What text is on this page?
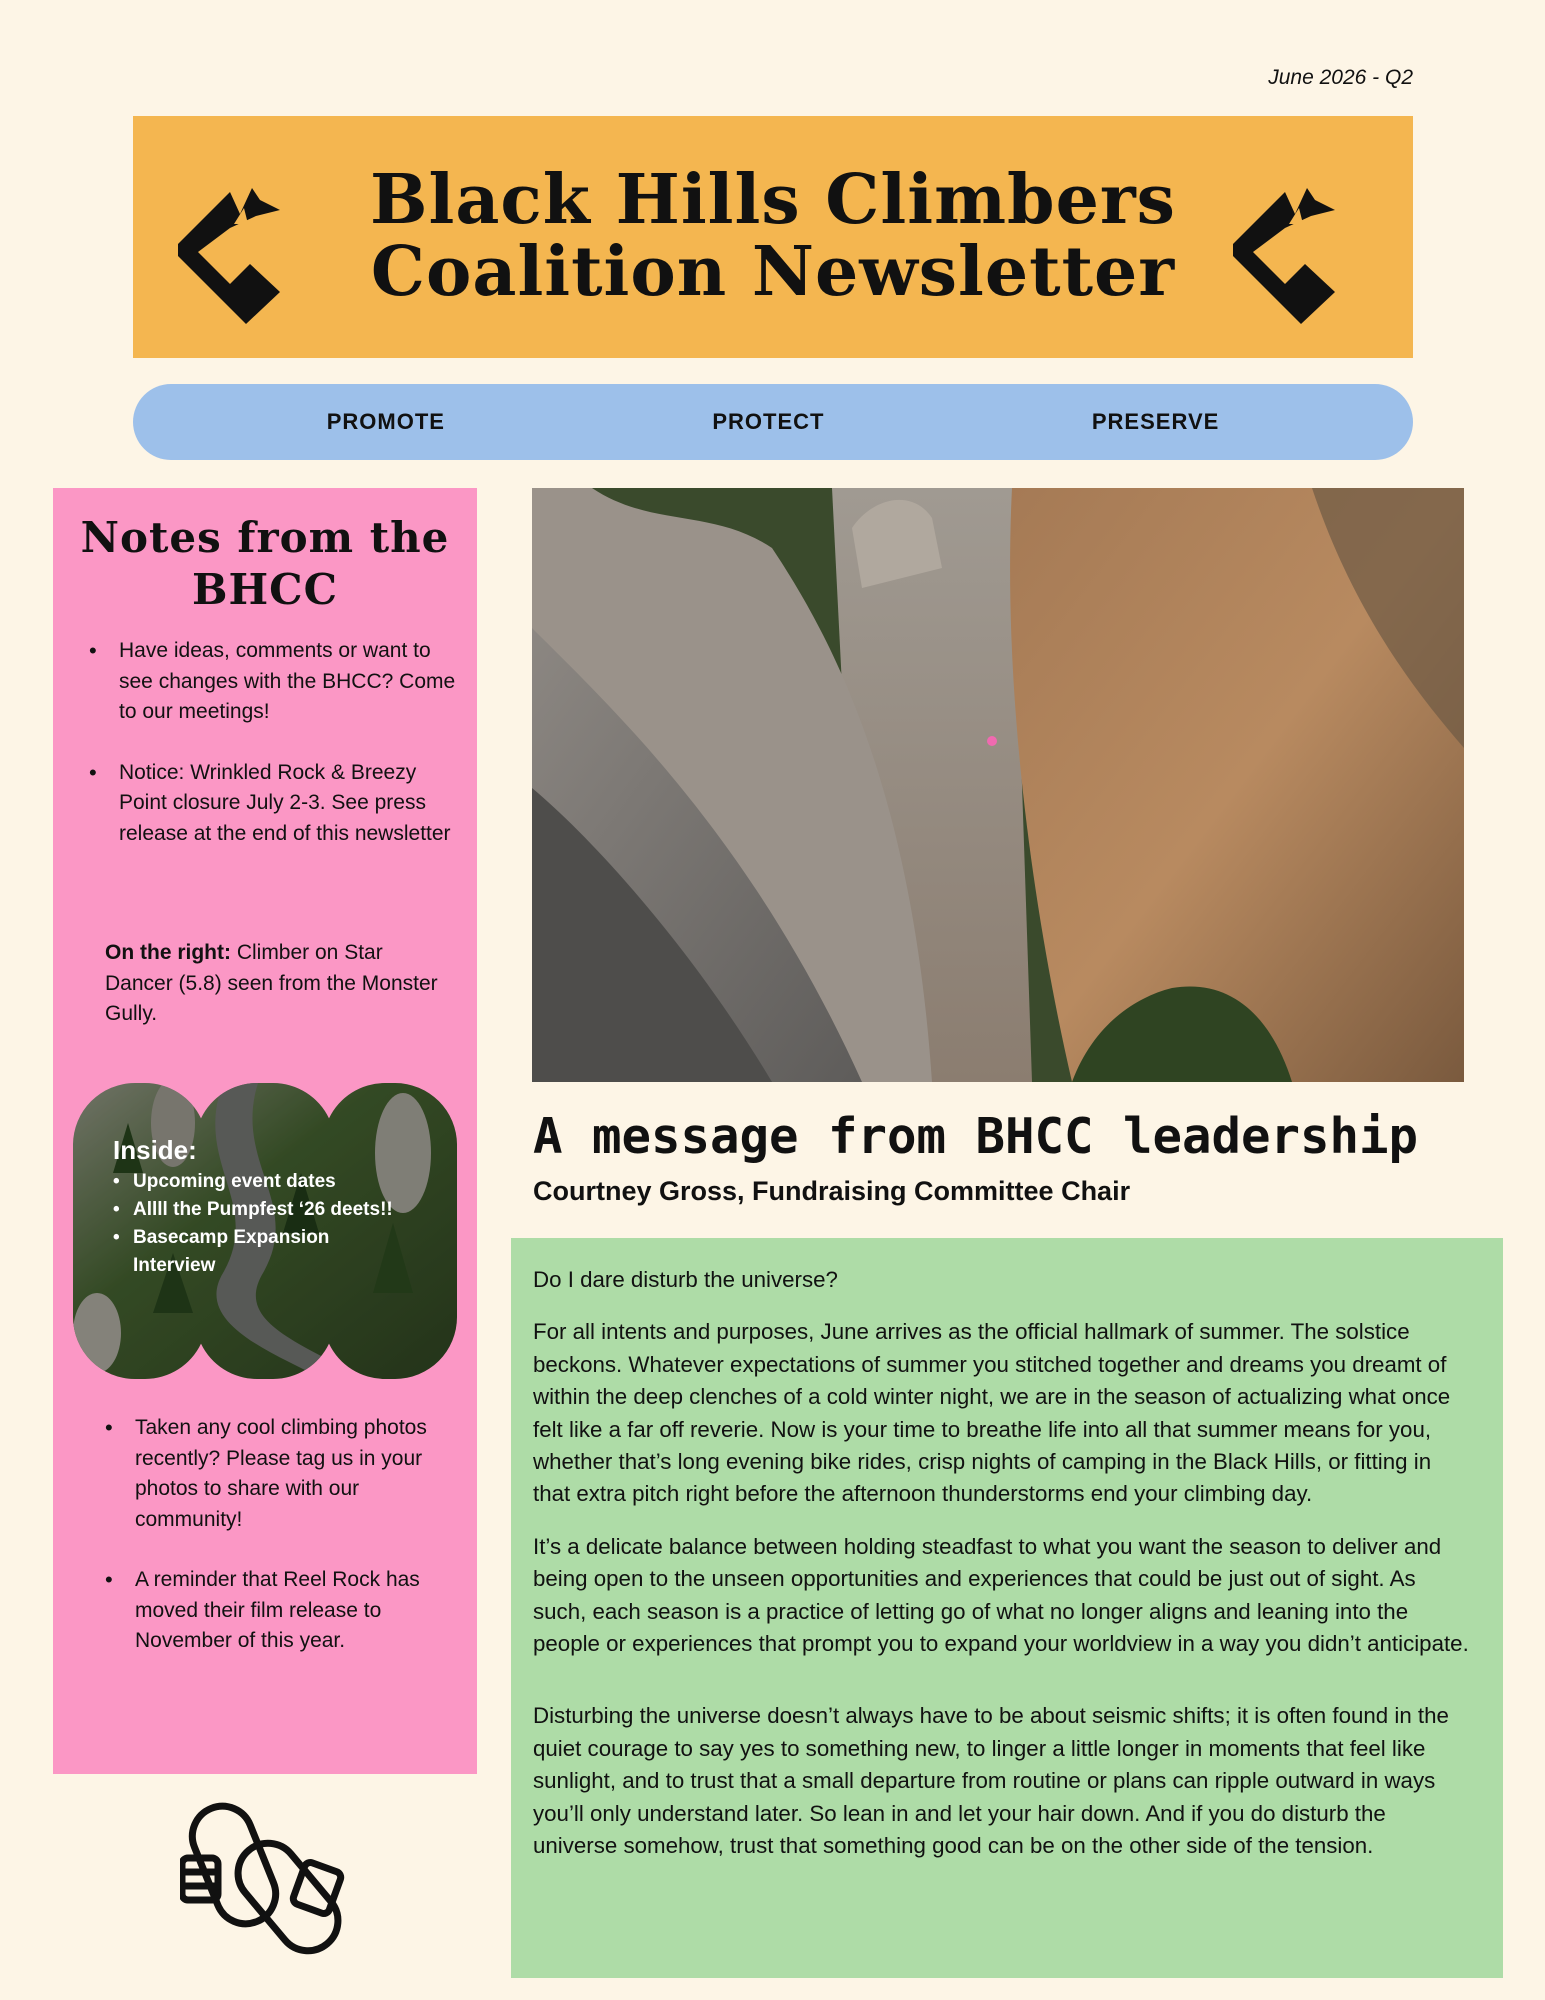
June 2026 - Q2
Black Hills Climbers
Coalition Newsletter
PROMOTE	PROTECT	PRESERVE
Notes from the BHCC
• Have ideas, comments or want to see changes with the BHCC? Come to our meetings!
• Notice: Wrinkled Rock & Breezy Point closure July 2-3. See press release at the end of this newsletter

On the right: Climber on Star Dancer (5.8) seen from the Monster Gully.

Inside:
• Upcoming event dates
• Allll the Pumpfest ‘26 deets!!
• Basecamp Expansion Interview
• Taken any cool climbing photos recently? Please tag us in your photos to share with our community!
• A reminder that Reel Rock has moved their film release to November of this year.
A message from BHCC leadership
Courtney Gross, Fundraising Committee Chair

Do I dare disturb the universe?

For all intents and purposes, June arrives as the official hallmark of summer. The solstice beckons. Whatever expectations of summer you stitched together and dreams you dreamt of within the deep clenches of a cold winter night, we are in the season of actualizing what once felt like a far off reverie. Now is your time to breathe life into all that summer means for you, whether that’s long evening bike rides, crisp nights of camping in the Black Hills, or fitting in that extra pitch right before the afternoon thunderstorms end your climbing day.

It’s a delicate balance between holding steadfast to what you want the season to deliver and being open to the unseen opportunities and experiences that could be just out of sight. As such, each season is a practice of letting go of what no longer aligns and leaning into the people or experiences that prompt you to expand your worldview in a way you didn’t anticipate.

Disturbing the universe doesn’t always have to be about seismic shifts; it is often found in the quiet courage to say yes to something new, to linger a little longer in moments that feel like sunlight, and to trust that a small departure from routine or plans can ripple outward in ways you’ll only understand later. So lean in and let your hair down. And if you do disturb the universe somehow, trust that something good can be on the other side of the tension.
